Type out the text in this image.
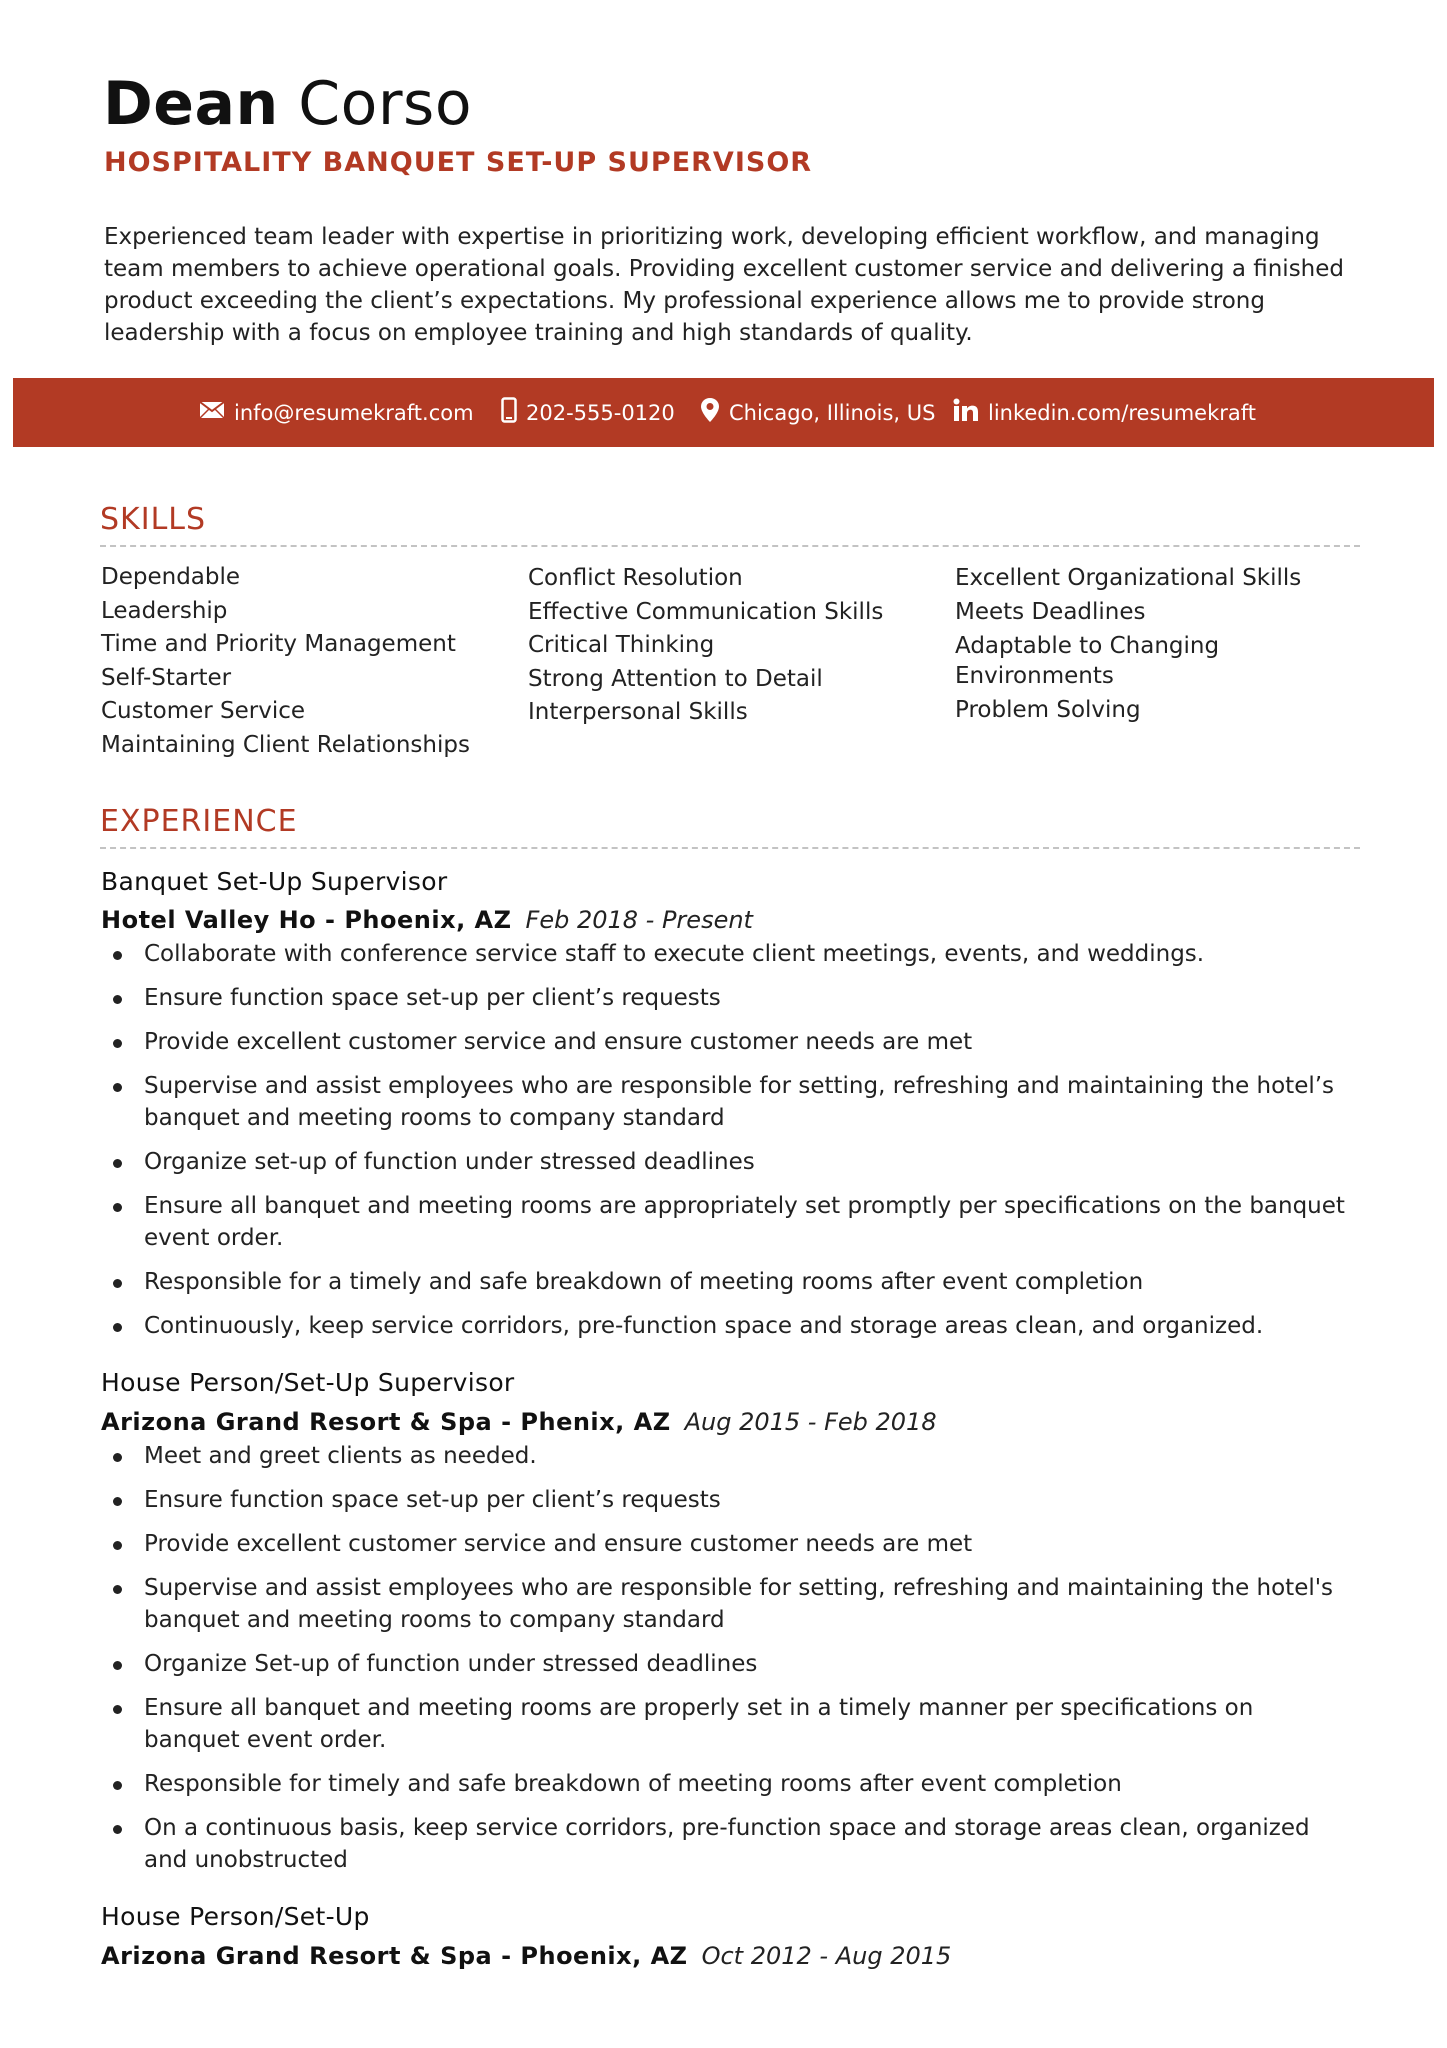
Dean Corso
HOSPITALITY BANQUET SET-UP SUPERVISOR
Experienced team leader with expertise in prioritizing work, developing efficient workflow, and managing team members to achieve operational goals. Providing excellent customer service and delivering a finished product exceeding the client’s expectations. My professional experience allows me to provide strong leadership with a focus on employee training and high standards of quality.
info@resumekraft.com 202-555-0120	Chicago, Illinois, US	linkedin.com/resumekraft
SKILLS
Dependable
Leadership
Time and Priority Management
Self-Starter
Customer Service
Maintaining Client Relationships
Conflict Resolution
Effective Communication Skills
Critical Thinking
Strong Attention to Detail
Interpersonal Skills
Excellent Organizational Skills
Meets Deadlines
Adaptable to Changing Environments
Problem Solving
EXPERIENCE
Banquet Set-Up Supervisor
Hotel Valley Ho - Phoenix, AZ Feb 2018 - Present
Collaborate with conference service staff to execute client meetings, events, and weddings.
Ensure function space set-up per client’s requests
Provide excellent customer service and ensure customer needs are met
Supervise and assist employees who are responsible for setting, refreshing and maintaining the hotel’s banquet and meeting rooms to company standard
Organize set-up of function under stressed deadlines
Ensure all banquet and meeting rooms are appropriately set promptly per specifications on the banquet event order.
Responsible for a timely and safe breakdown of meeting rooms after event completion
Continuously, keep service corridors, pre-function space and storage areas clean, and organized.
House Person/Set-Up Supervisor
Arizona Grand Resort & Spa - Phenix, AZ Aug 2015 - Feb 2018
Meet and greet clients as needed.
Ensure function space set-up per client’s requests
Provide excellent customer service and ensure customer needs are met
Supervise and assist employees who are responsible for setting, refreshing and maintaining the hotel's banquet and meeting rooms to company standard
Organize Set-up of function under stressed deadlines
Ensure all banquet and meeting rooms are properly set in a timely manner per specifications on banquet event order.
Responsible for timely and safe breakdown of meeting rooms after event completion
On a continuous basis, keep service corridors, pre-function space and storage areas clean, organized and unobstructed
House Person/Set-Up
Arizona Grand Resort & Spa - Phoenix, AZ Oct 2012 - Aug 2015
